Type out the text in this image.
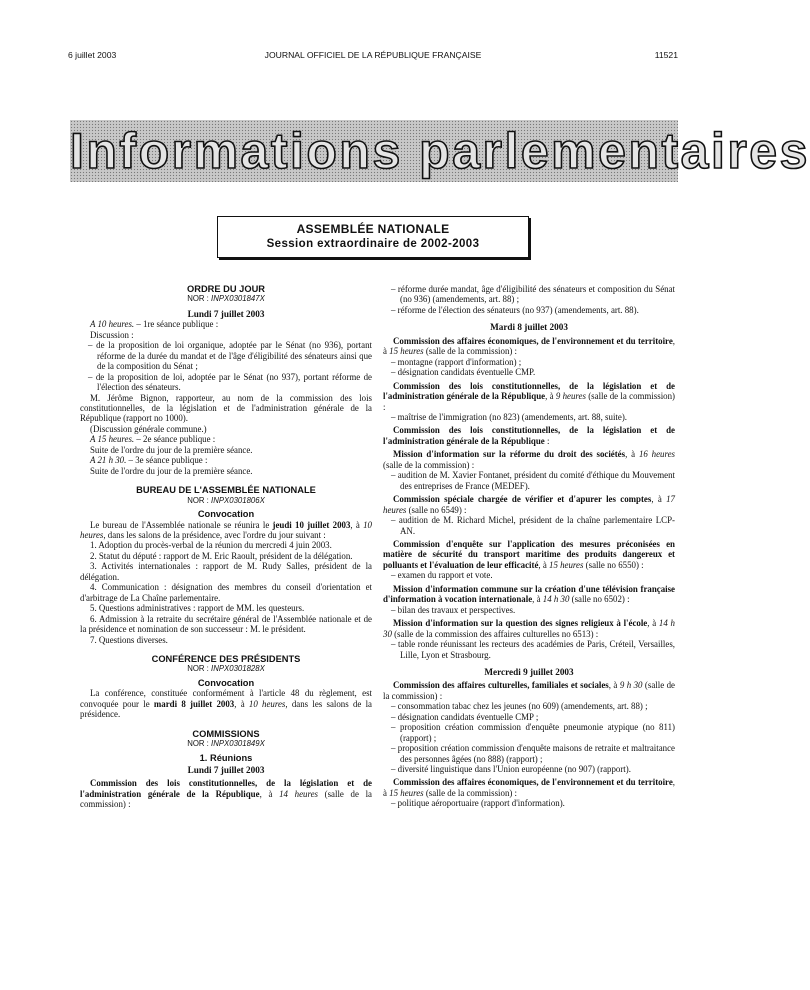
6 juillet 2003	JOURNAL OFFICIEL DE LA RÉPUBLIQUE FRANÇAISE	11521
Informations parlementaires
ASSEMBLÉE NATIONALE
Session extraordinaire de 2002-2003

ORDRE DU JOUR

NOR : INPX0301847X

Lundi 7 juillet 2003

A 10 heures. – 1re séance publique :

Discussion :

– de la proposition de loi organique, adoptée par le Sénat (no 936), portant réforme de la durée du mandat et de l'âge d'éligibilité des sénateurs ainsi que de la composition du Sénat ;

– de la proposition de loi, adoptée par le Sénat (no 937), portant réforme de l'élection des sénateurs.

M. Jérôme Bignon, rapporteur, au nom de la commission des lois constitutionnelles, de la législation et de l'administration générale de la République (rapport no 1000).

(Discussion générale commune.)

A 15 heures. – 2e séance publique :

Suite de l'ordre du jour de la première séance.

A 21 h 30. – 3e séance publique :

Suite de l'ordre du jour de la première séance.

BUREAU DE L'ASSEMBLÉE NATIONALE

NOR : INPX0301806X

Convocation

Le bureau de l'Assemblée nationale se réunira le jeudi 10 juillet 2003, à 10 heures, dans les salons de la présidence, avec l'ordre du jour suivant :

1. Adoption du procès-verbal de la réunion du mercredi 4 juin 2003.

2. Statut du député : rapport de M. Eric Raoult, président de la délégation.

3. Activités internationales : rapport de M. Rudy Salles, président de la délégation.

4. Communication : désignation des membres du conseil d'orientation et d'arbitrage de La Chaîne parlementaire.

5. Questions administratives : rapport de MM. les questeurs.

6. Admission à la retraite du secrétaire général de l'Assemblée nationale et de la présidence et nomination de son successeur : M. le président.

7. Questions diverses.

CONFÉRENCE DES PRÉSIDENTS

NOR : INPX0301828X

Convocation

La conférence, constituée conformément à l'article 48 du règlement, est convoquée pour le mardi 8 juillet 2003, à 10 heures, dans les salons de la présidence.

COMMISSIONS

NOR : INPX0301849X

1. Réunions

Lundi 7 juillet 2003

Commission des lois constitutionnelles, de la législation et de l'administration générale de la République, à 14 heures (salle de la commission) :

– réforme durée mandat, âge d'éligibilité des sénateurs et composition du Sénat (no 936) (amendements, art. 88) ;

– réforme de l'élection des sénateurs (no 937) (amendements, art. 88).

Mardi 8 juillet 2003

Commission des affaires économiques, de l'environnement et du territoire, à 15 heures (salle de la commission) :

– montagne (rapport d'information) ;

– désignation candidats éventuelle CMP.

Commission des lois constitutionnelles, de la législation et de l'administration générale de la République, à 9 heures (salle de la commission) :

– maîtrise de l'immigration (no 823) (amendements, art. 88, suite).

Commission des lois constitutionnelles, de la législation et de l'administration générale de la République :

Mission d'information sur la réforme du droit des sociétés, à 16 heures (salle de la commission) :

– audition de M. Xavier Fontanet, président du comité d'éthique du Mouvement des entreprises de France (MEDEF).

Commission spéciale chargée de vérifier et d'apurer les comptes, à 17 heures (salle no 6549) :

– audition de M. Richard Michel, président de la chaîne parlementaire LCP-AN.

Commission d'enquête sur l'application des mesures préconisées en matière de sécurité du transport maritime des produits dangereux et polluants et l'évaluation de leur efficacité, à 15 heures (salle no 6550) :

– examen du rapport et vote.

Mission d'information commune sur la création d'une télévision française d'information à vocation internationale, à 14 h 30 (salle no 6502) :

– bilan des travaux et perspectives.

Mission d'information sur la question des signes religieux à l'école, à 14 h 30 (salle de la commission des affaires culturelles no 6513) :

– table ronde réunissant les recteurs des académies de Paris, Créteil, Versailles, Lille, Lyon et Strasbourg.

Mercredi 9 juillet 2003

Commission des affaires culturelles, familiales et sociales, à 9 h 30 (salle de la commission) :

– consommation tabac chez les jeunes (no 609) (amendements, art. 88) ;

– désignation candidats éventuelle CMP ;

– proposition création commission d'enquête pneumonie atypique (no 811) (rapport) ;

– proposition création commission d'enquête maisons de retraite et maltraitance des personnes âgées (no 888) (rapport) ;

– diversité linguistique dans l'Union européenne (no 907) (rapport).

Commission des affaires économiques, de l'environnement et du territoire, à 15 heures (salle de la commission) :

– politique aéroportuaire (rapport d'information).
